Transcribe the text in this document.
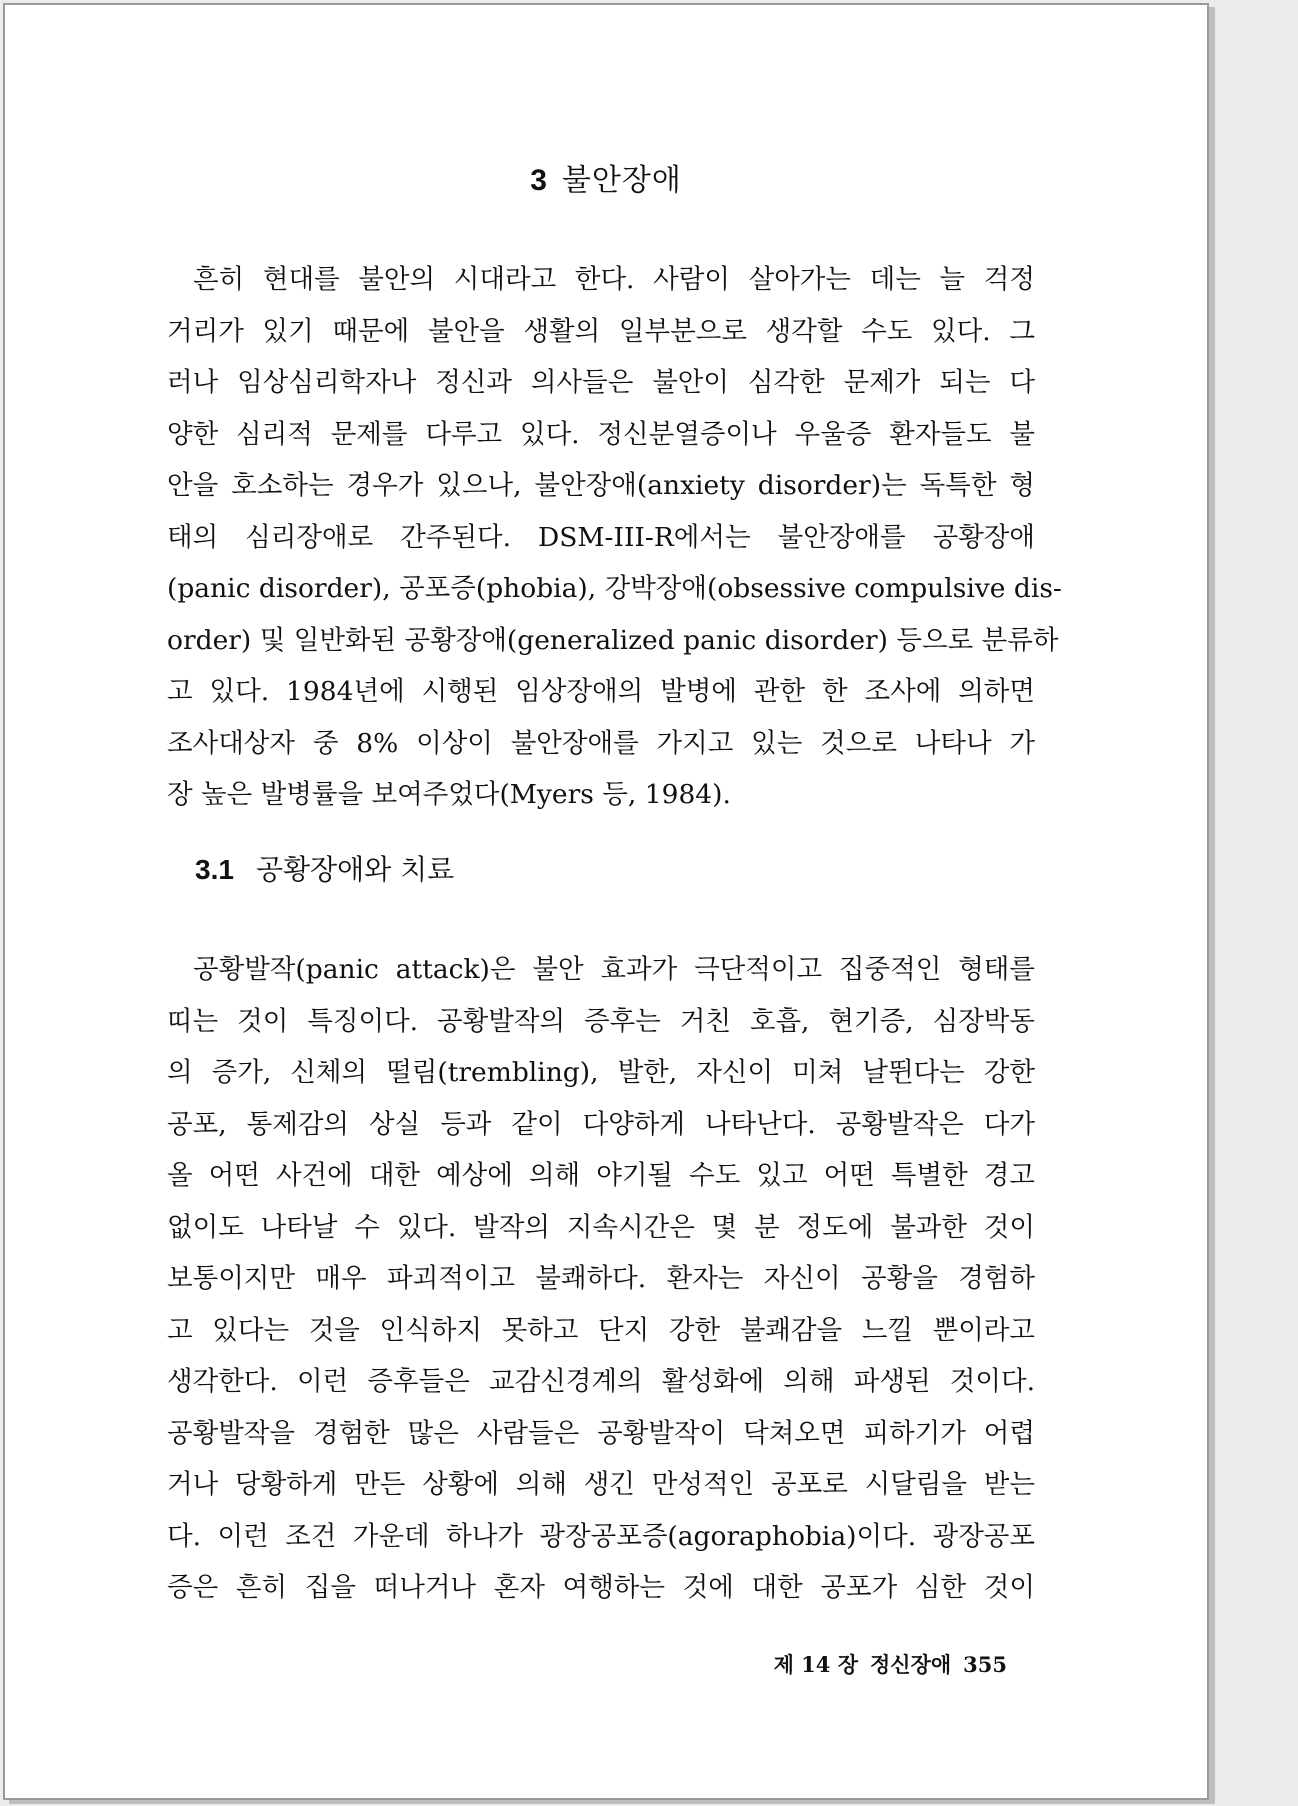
3 불안장애
흔히 현대를 불안의 시대라고 한다. 사람이 살아가는 데는 늘 걱정
거리가 있기 때문에 불안을 생활의 일부분으로 생각할 수도 있다. 그
러나 임상심리학자나 정신과 의사들은 불안이 심각한 문제가 되는 다
양한 심리적 문제를 다루고 있다. 정신분열증이나 우울증 환자들도 불
안을 호소하는 경우가 있으나, 불안장애(anxiety disorder)는 독특한 형
태의 심리장애로 간주된다. DSM-III-R에서는 불안장애를 공황장애
(panic disorder), 공포증(phobia), 강박장애(obsessive compulsive dis-
order) 및 일반화된 공황장애(generalized panic disorder) 등으로 분류하
고 있다. 1984년에 시행된 임상장애의 발병에 관한 한 조사에 의하면
조사대상자 중 8% 이상이 불안장애를 가지고 있는 것으로 나타나 가
장 높은 발병률을 보여주었다(Myers 등, 1984).
3.1 공황장애와 치료
공황발작(panic attack)은 불안 효과가 극단적이고 집중적인 형태를
띠는 것이 특징이다. 공황발작의 증후는 거친 호흡, 현기증, 심장박동
의 증가, 신체의 떨림(trembling), 발한, 자신이 미쳐 날뛴다는 강한
공포, 통제감의 상실 등과 같이 다양하게 나타난다. 공황발작은 다가
올 어떤 사건에 대한 예상에 의해 야기될 수도 있고 어떤 특별한 경고
없이도 나타날 수 있다. 발작의 지속시간은 몇 분 정도에 불과한 것이
보통이지만 매우 파괴적이고 불쾌하다. 환자는 자신이 공황을 경험하
고 있다는 것을 인식하지 못하고 단지 강한 불쾌감을 느낄 뿐이라고
생각한다. 이런 증후들은 교감신경계의 활성화에 의해 파생된 것이다.
공황발작을 경험한 많은 사람들은 공황발작이 닥쳐오면 피하기가 어렵
거나 당황하게 만든 상황에 의해 생긴 만성적인 공포로 시달림을 받는
다. 이런 조건 가운데 하나가 광장공포증(agoraphobia)이다. 광장공포
증은 흔히 집을 떠나거나 혼자 여행하는 것에 대한 공포가 심한 것이
제 14 장 정신장애 355
